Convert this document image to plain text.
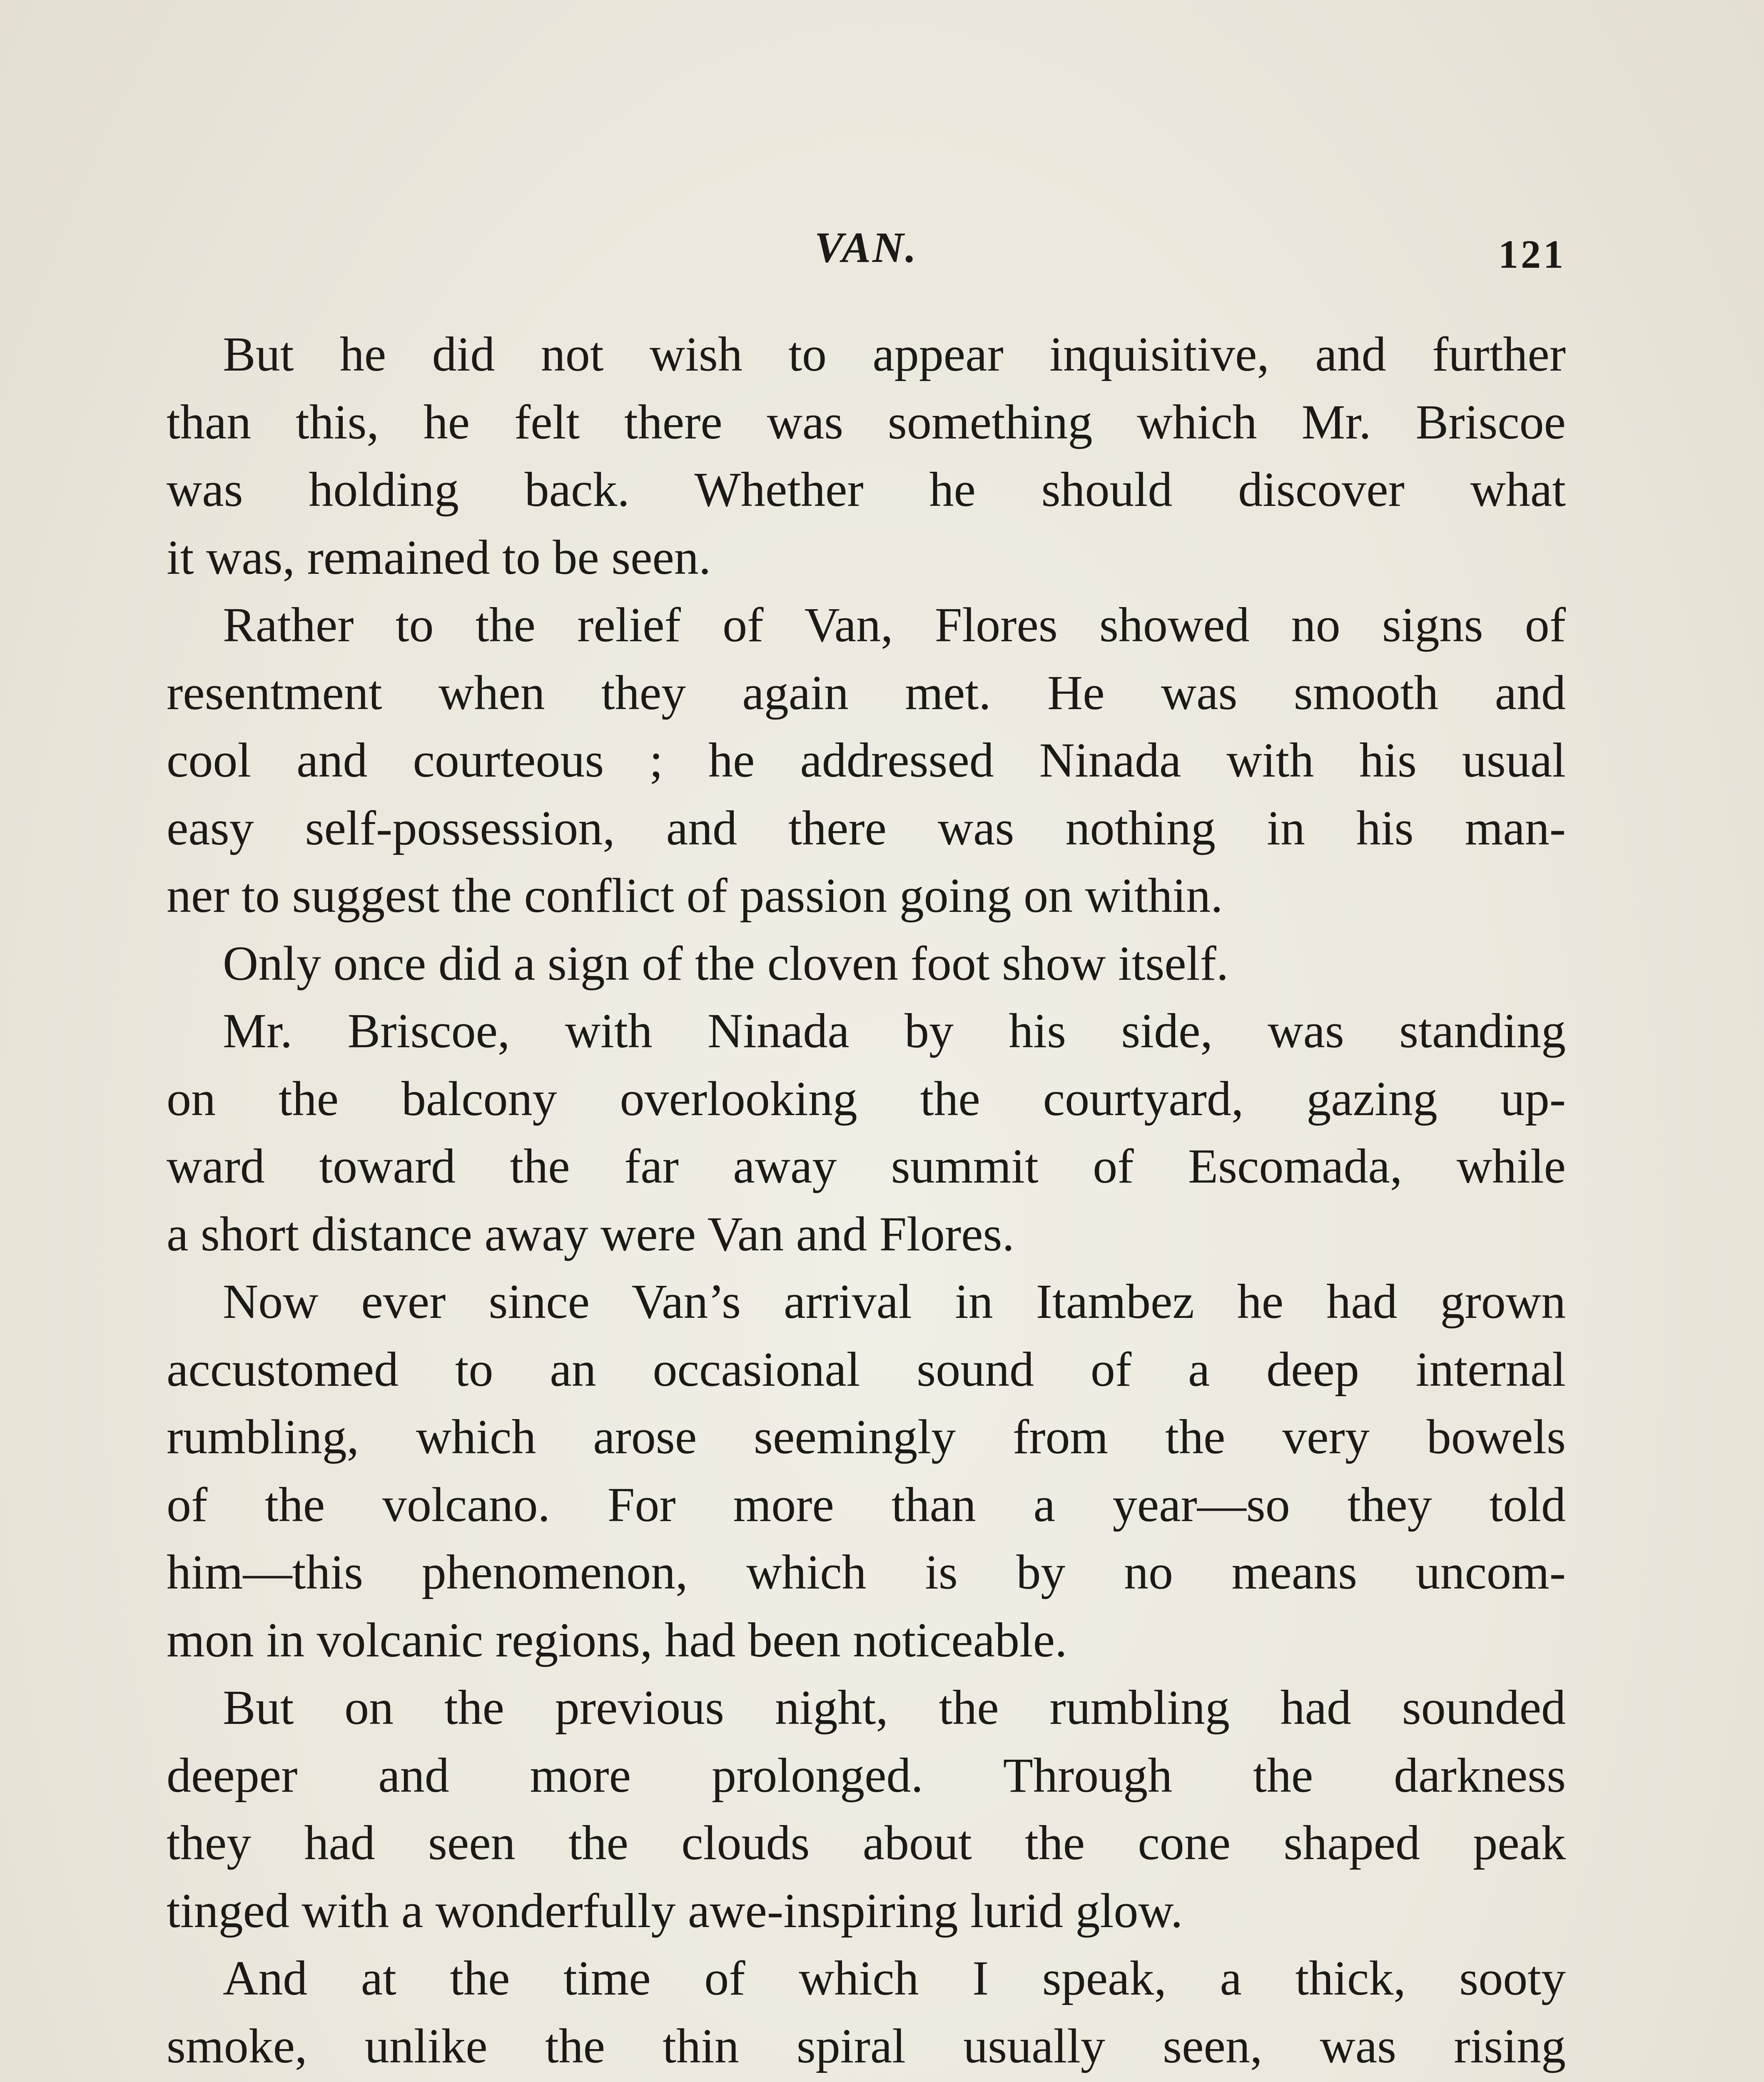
VAN.	121
But he did not wish to appear inquisitive, and further
than this, he felt there was something which Mr. Briscoe
was holding back. Whether he should discover what
it was, remained to be seen.
Rather to the relief of Van, Flores showed no signs of
resentment when they again met. He was smooth and
cool and courteous ; he addressed Ninada with his usual
easy self-possession, and there was nothing in his man-
ner to suggest the conflict of passion going on within.
Only once did a sign of the cloven foot show itself.
Mr. Briscoe, with Ninada by his side, was standing
on the balcony overlooking the courtyard, gazing up-
ward toward the far away summit of Escomada, while
a short distance away were Van and Flores.
Now ever since Van’s arrival in Itambez he had grown
accustomed to an occasional sound of a deep internal
rumbling, which arose seemingly from the very bowels
of the volcano. For more than a year—so they told
him—this phenomenon, which is by no means uncom-
mon in volcanic regions, had been noticeable.
But on the previous night, the rumbling had sounded
deeper and more prolonged. Through the darkness
they had seen the clouds about the cone shaped peak
tinged with a wonderfully awe-inspiring lurid glow.
And at the time of which I speak, a thick, sooty
smoke, unlike the thin spiral usually seen, was rising
